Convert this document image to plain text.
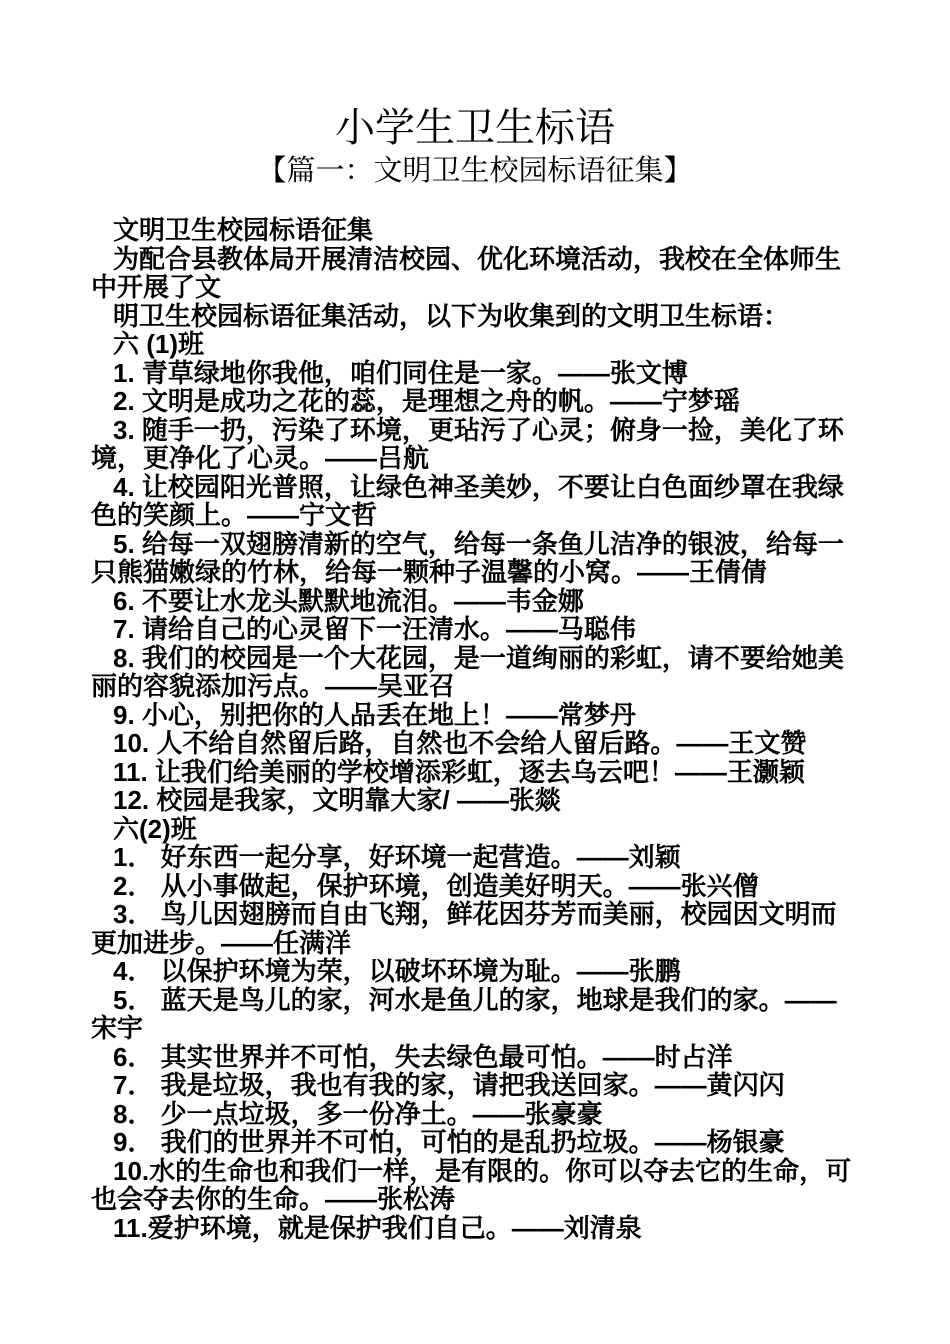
小学生卫生标语
【篇一：文明卫生校园标语征集】

文明卫生校园标语征集

为配合县教体局开展清洁校园、优化环境活动，我校在全体师生中开展了文

明卫生校园标语征集活动，以下为收集到的文明卫生标语：

六 (1)班

1. 青草绿地你我他，咱们同住是一家。——张文博

2. 文明是成功之花的蕊，是理想之舟的帆。——宁梦瑶

3. 随手一扔，污染了环境，更玷污了心灵；俯身一捡，美化了环境，更净化了心灵。——吕航

4. 让校园阳光普照，让绿色神圣美妙，不要让白色面纱罩在我绿色的笑颜上。——宁文哲

5. 给每一双翅膀清新的空气，给每一条鱼儿洁净的银波，给每一只熊猫嫩绿的竹林，给每一颗种子温馨的小窝。——王倩倩

6. 不要让水龙头默默地流泪。——韦金娜

7. 请给自己的心灵留下一汪清水。——马聪伟

8. 我们的校园是一个大花园，是一道绚丽的彩虹，请不要给她美丽的容貌添加污点。——吴亚召

9. 小心，别把你的人品丢在地上！——常梦丹

10. 人不给自然留后路，自然也不会给人留后路。——王文赞

11. 让我们给美丽的学校增添彩虹，逐去乌云吧！——王灏颖

12. 校园是我家，文明靠大家/ ——张燚

六(2)班

1． 好东西一起分享，好环境一起营造。——刘颖

2． 从小事做起，保护环境，创造美好明天。——张兴僧

3． 鸟儿因翅膀而自由飞翔，鲜花因芬芳而美丽，校园因文明而更加进步。——任满洋

4． 以保护环境为荣，以破坏环境为耻。——张鹏

5． 蓝天是鸟儿的家，河水是鱼儿的家，地球是我们的家。——宋宇

6． 其实世界并不可怕，失去绿色最可怕。——时占洋

7． 我是垃圾，我也有我的家，请把我送回家。——黄闪闪

8． 少一点垃圾，多一份净土。——张豪豪

9． 我们的世界并不可怕，可怕的是乱扔垃圾。——杨银豪

10.水的生命也和我们一样，是有限的。你可以夺去它的生命，可也会夺去你的生命。——张松涛

11.爱护环境，就是保护我们自己。——刘清泉
